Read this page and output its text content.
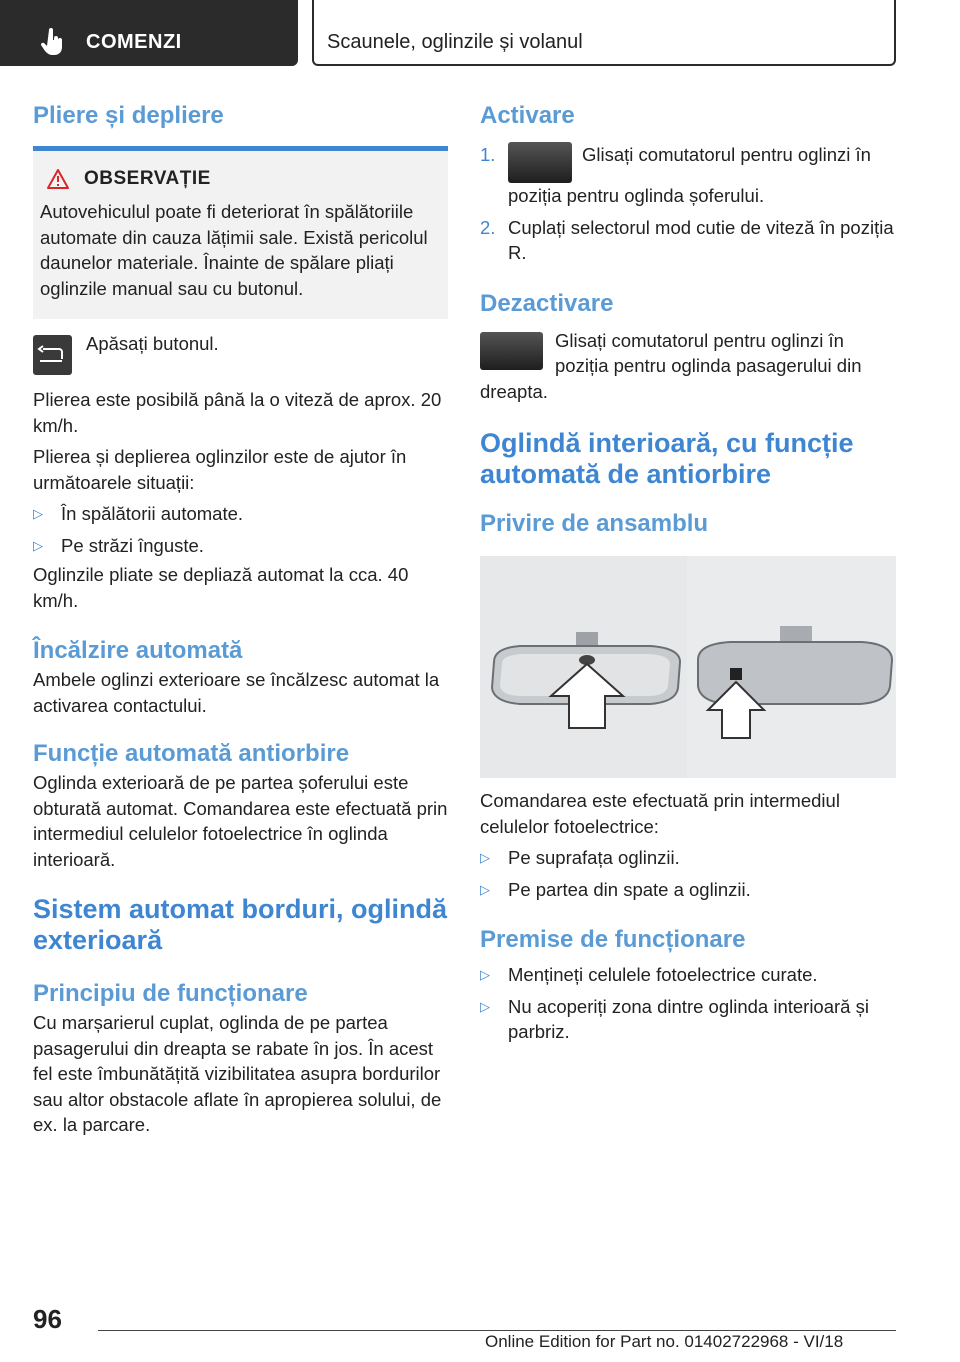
COMENZI	Scaunele, oglinzile și volanul
Pliere și depliere
OBSERVAȚIE

Autovehiculul poate fi deteriorat în spălătoriile automate din cauza lățimii sale. Există pericolul daunelor materiale. Înainte de spălare pliați oglinzile manual sau cu butonul.

Apăsați butonul.

Plierea este posibilă până la o viteză de aprox. 20 km/h.

Plierea și deplierea oglinzilor este de ajutor în următoarele situații:

▷ În spălătorii automate.

▷ Pe străzi înguste.

Oglinzile pliate se depliază automat la cca. 40 km/h.

Încălzire automată

Ambele oglinzi exterioare se încălzesc automat la activarea contactului.

Funcție automată antiorbire

Oglinda exterioară de pe partea șoferului este obturată automat. Comandarea este efectuată prin intermediul celulelor fotoelectrice în oglinda interioară.

Sistem automat borduri, oglindă exterioară
Principiu de funcționare

Cu marșarierul cuplat, oglinda de pe partea pasagerului din dreapta se rabate în jos. În acest fel este îmbunătățită vizibilitatea asupra bordurilor sau altor obstacole aflate în apropierea solului, de ex. la parcare.

Activare
1.	Glisați comutatorul pentru oglinzi în poziția pentru oglinda șoferului.

2. Cuplați selectorul mod cutie de viteză în poziția R.

Dezactivare

Glisați comutatorul pentru oglinzi în poziția pentru oglinda pasagerului din dreapta.

Oglindă interioară, cu funcție automată de antiorbire
Privire de ansamblu

Comandarea este efectuată prin intermediul celulelor fotoelectrice:

▷ Pe suprafața oglinzii.

▷ Pe partea din spate a oglinzii.

Premise de funcționare
▷ Mențineți celulele fotoelectrice curate.

▷ Nu acoperiți zona dintre oglinda interioară și parbriz.

96
Online Edition for Part no. 01402722968 - VI/18
